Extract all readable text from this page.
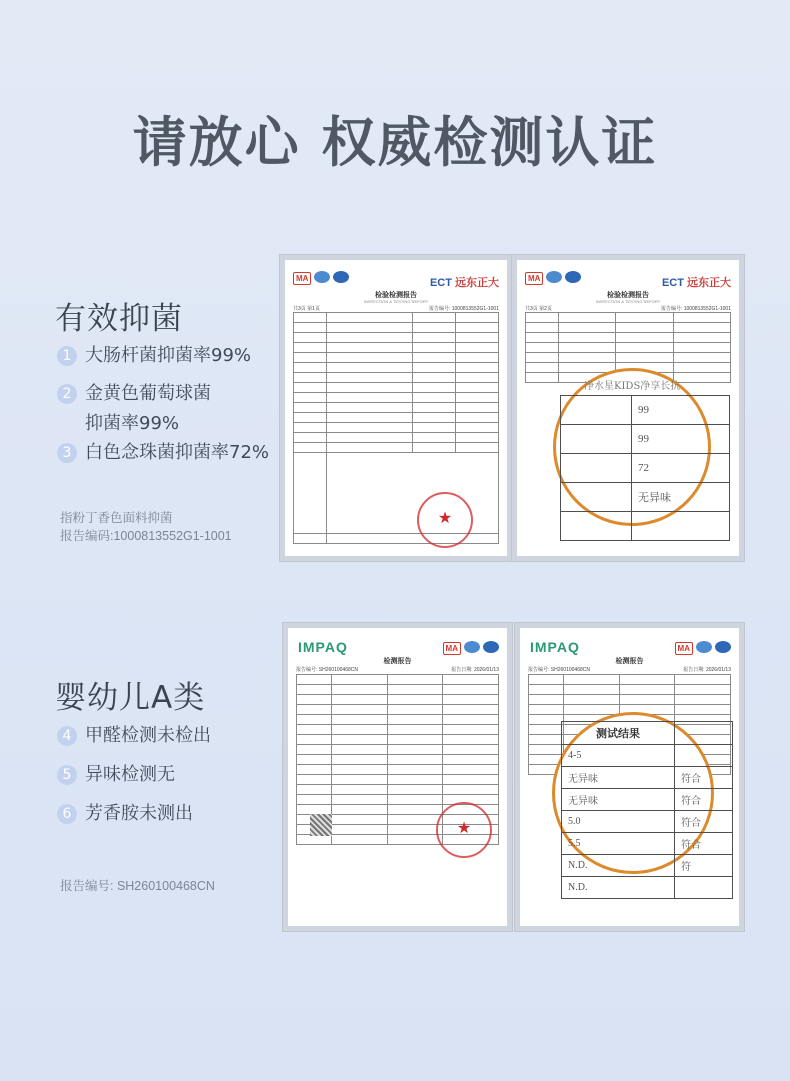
请放心 权威检测认证
有效抑菌
1 大肠杆菌抑菌率99%
2 金黄色葡萄球菌
抑菌率99%
3 白色念珠菌抑菌率72%
指粉丁香色面料抑菌
报告编码:1000813552G1-1001
MA	ECT 远东正大
检验检测报告
INSPECTION & TESTING REPORT
共3页 第1页	报告编号: 1000813552G1-1001

★
MA	ECT 远东正大
检验检测报告
INSPECTION & TESTING REPORT
共3页 第2页	报告编号: 1000813552G1-1001

净水星KIDS净享长抗
	99
	99
	72
	无异味

婴幼儿A类
4 甲醛检测未检出
5 异味检测无
6 芳香胺未测出
报告编号: SH260100468CN
IMPAQ	MA
检测报告
报告编号: SH260100468CN	报告日期: 2026/01/13

★
IMPAQ	MA
检测报告
报告编号: SH260100468CN	报告日期: 2026/01/13

测试结果	
4-5	
无异味	符合
无异味	符合
5.0	符合
5.5	符合
N.D.	符
N.D.	
